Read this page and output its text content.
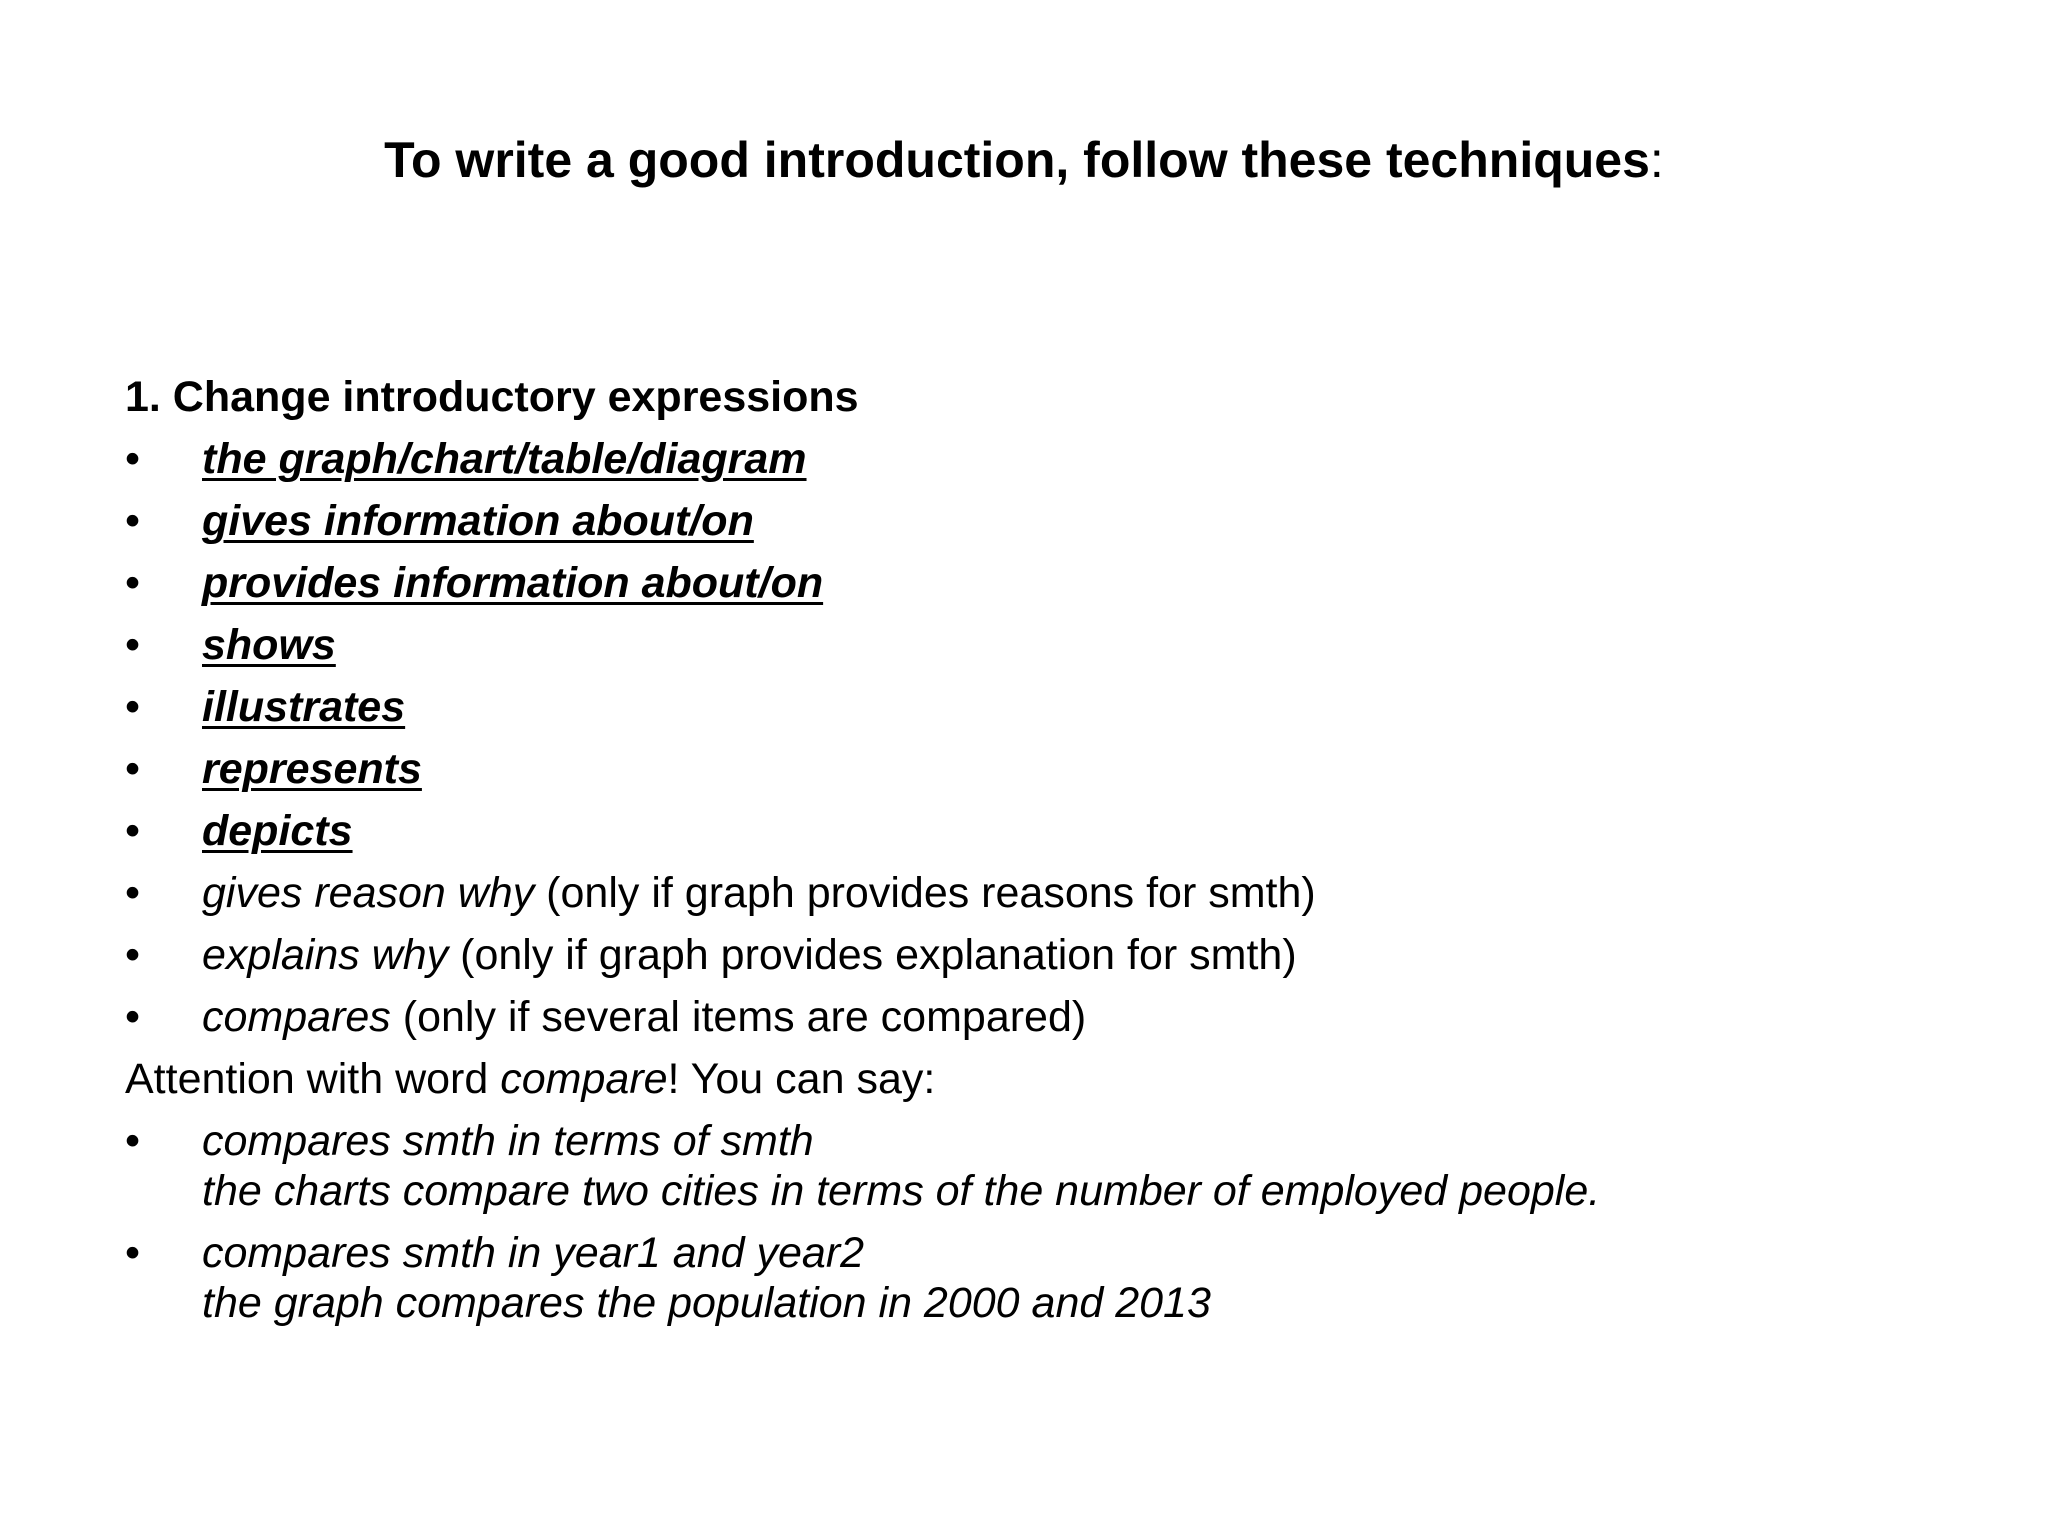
To write a good introduction, follow these techniques:
1. Change introductory expressions
• the graph/chart/table/diagram
• gives information about/on
• provides information about/on
• shows
• illustrates
• represents
• depicts
• gives reason why (only if graph provides reasons for smth)
• explains why (only if graph provides explanation for smth)
• compares (only if several items are compared)
Attention with word compare! You can say:
• compares smth in terms of smth
the charts compare two cities in terms of the number of employed people.
• compares smth in year1 and year2
the graph compares the population in 2000 and 2013
